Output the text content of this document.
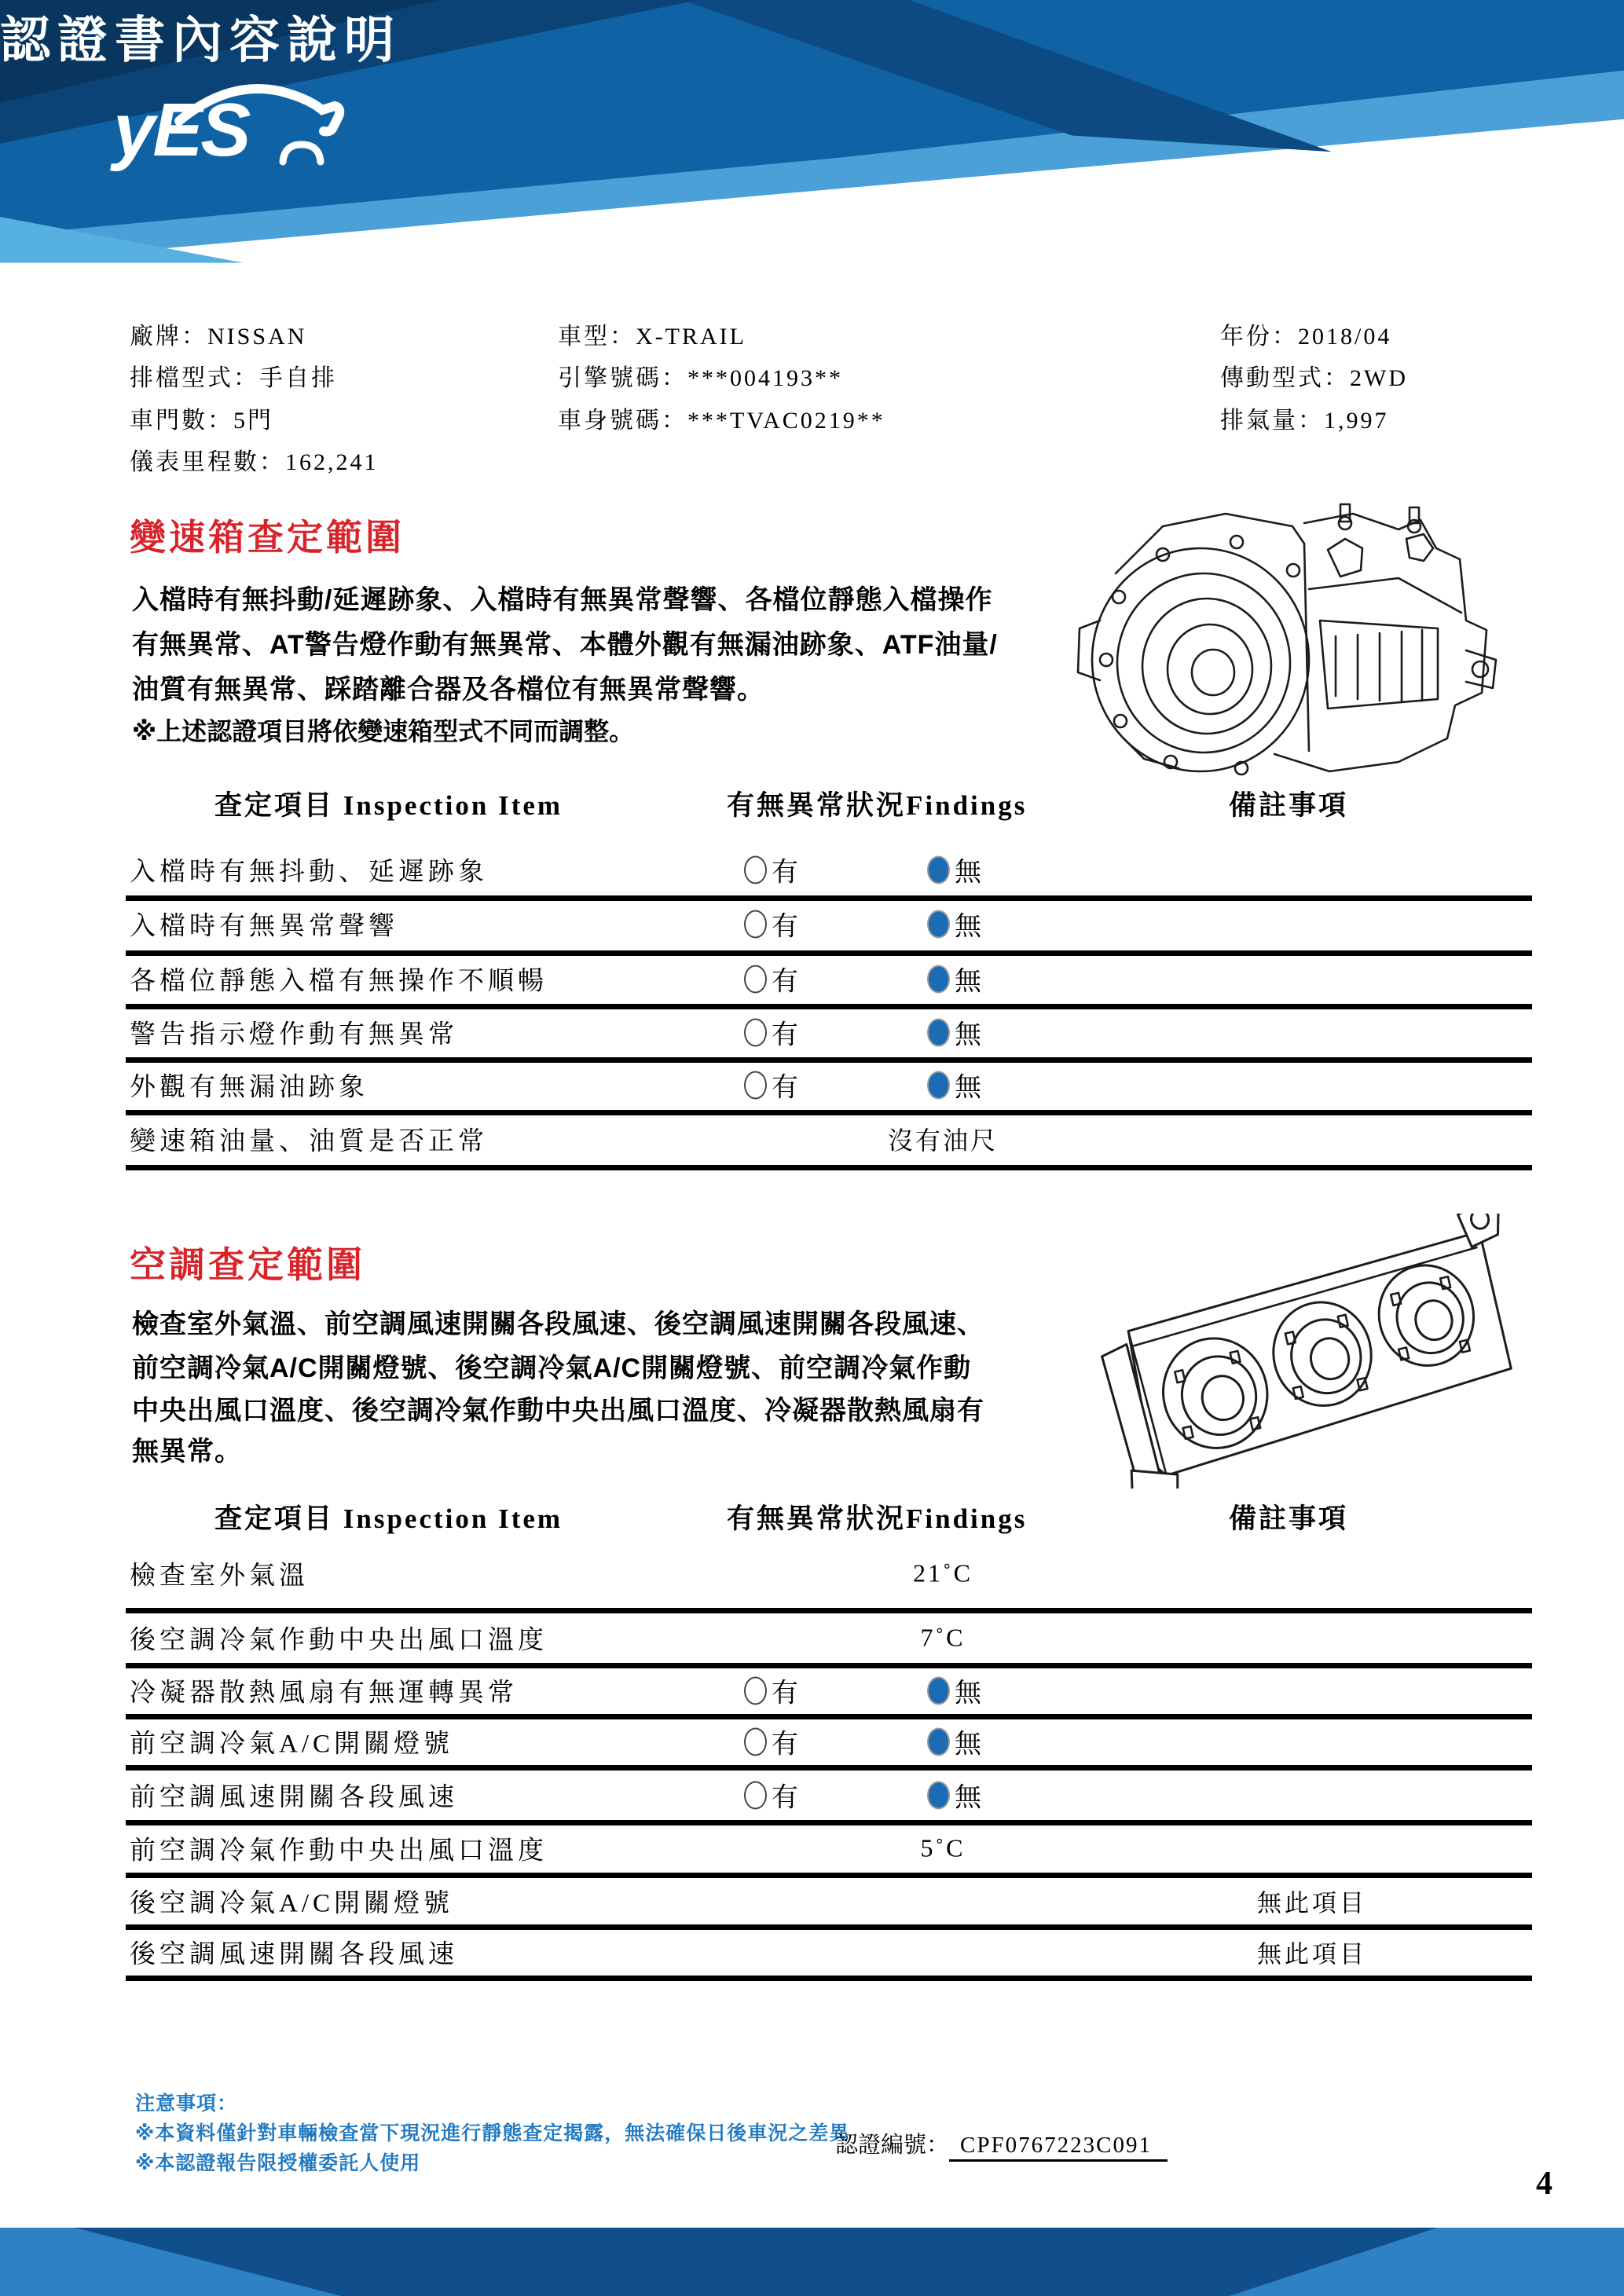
yES
認證書內容說明
廠牌：NISSAN
排檔型式：手自排
車門數：5門
儀表里程數：162,241
車型：X-TRAIL
引擎號碼：***004193**
車身號碼：***TVAC0219**
年份：2018/04
傳動型式：2WD
排氣量：1,997
變速箱查定範圍
入檔時有無抖動/延遲跡象、入檔時有無異常聲響、各檔位靜態入檔操作
有無異常、AT警告燈作動有無異常、本體外觀有無漏油跡象、ATF油量/
油質有無異常、踩踏離合器及各檔位有無異常聲響。
※上述認證項目將依變速箱型式不同而調整。
查定項目 Inspection Item	有無異常狀況Findings	備註事項
入檔時有無抖動、延遲跡象	有	無
入檔時有無異常聲響	有	無
各檔位靜態入檔有無操作不順暢	有	無
警告指示燈作動有無異常	有	無
外觀有無漏油跡象	有	無
變速箱油量、油質是否正常	沒有油尺
空調查定範圍
檢查室外氣溫、前空調風速開關各段風速、後空調風速開關各段風速、
前空調冷氣A/C開關燈號、後空調冷氣A/C開關燈號、前空調冷氣作動
中央出風口溫度、後空調冷氣作動中央出風口溫度、冷凝器散熱風扇有
無異常。
查定項目 Inspection Item	有無異常狀況Findings	備註事項
檢查室外氣溫	21˚C
後空調冷氣作動中央出風口溫度	7˚C
冷凝器散熱風扇有無運轉異常	有	無
前空調冷氣A/C開關燈號	有	無
前空調風速開關各段風速	有	無
前空調冷氣作動中央出風口溫度	5˚C
後空調冷氣A/C開關燈號	無此項目
後空調風速開關各段風速	無此項目
注意事項：
※本資料僅針對車輛檢查當下現況進行靜態查定揭露，無法確保日後車況之差異
※本認證報告限授權委託人使用
認證編號： CPF0767223C091
4
